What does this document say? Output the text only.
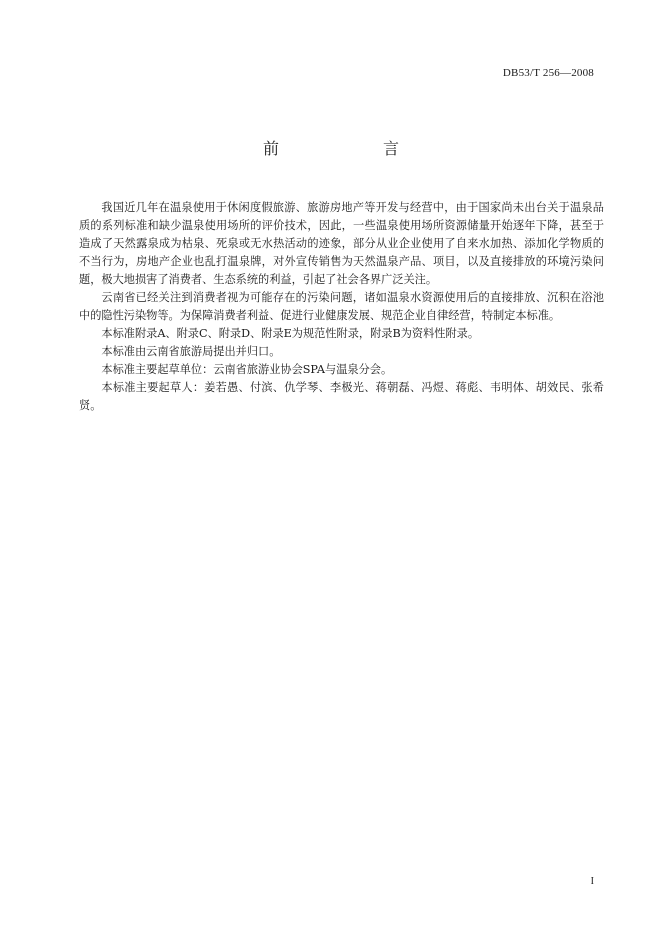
DB53/T 256—2008
前　　言

我国近几年在温泉使用于休闲度假旅游、旅游房地产等开发与经营中，由于国家尚未出台关于温泉品质的系列标准和缺少温泉使用场所的评价技术，因此，一些温泉使用场所资源储量开始逐年下降，甚至于造成了天然露泉成为枯泉、死泉或无水热活动的迹象，部分从业企业使用了自来水加热、添加化学物质的不当行为，房地产企业也乱打温泉牌，对外宣传销售为天然温泉产品、项目，以及直接排放的环境污染问题，极大地损害了消费者、生态系统的利益，引起了社会各界广泛关注。

云南省已经关注到消费者视为可能存在的污染问题，诸如温泉水资源使用后的直接排放、沉积在浴池中的隐性污染物等。为保障消费者利益、促进行业健康发展、规范企业自律经营，特制定本标准。

本标准附录A、附录C、附录D、附录E为规范性附录，附录B为资料性附录。

本标准由云南省旅游局提出并归口。

本标准主要起草单位：云南省旅游业协会SPA与温泉分会。

本标准主要起草人：姜若愚、付滨、仇学琴、李极光、蒋朝磊、冯煜、蒋彪、韦明体、胡效民、张希贤。

I
